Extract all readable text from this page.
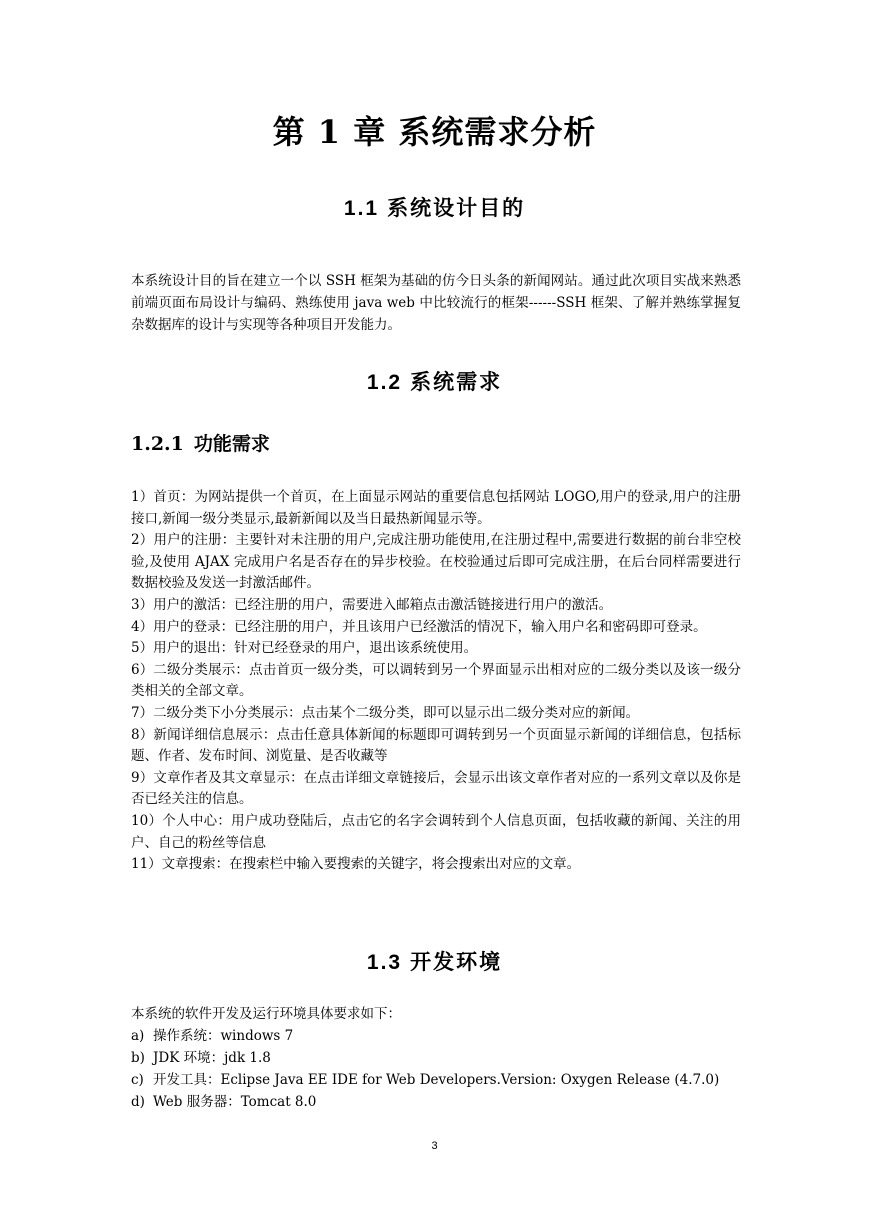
第 1 章 系统需求分析
1.1 系统设计目的
本系统设计目的旨在建立一个以 SSH 框架为基础的仿今日头条的新闻网站。通过此次项目实战来熟悉前端页面布局设计与编码、熟练使用 java web 中比较流行的框架------SSH 框架、了解并熟练掌握复杂数据库的设计与实现等各种项目开发能力。
1.2 系统需求
1.2.1 功能需求
1）首页：为网站提供一个首页，在上面显示网站的重要信息包括网站 LOGO,用户的登录,用户的注册接口,新闻一级分类显示,最新新闻以及当日最热新闻显示等。
2）用户的注册：主要针对未注册的用户,完成注册功能使用,在注册过程中,需要进行数据的前台非空校验,及使用 AJAX 完成用户名是否存在的异步校验。在校验通过后即可完成注册，在后台同样需要进行数据校验及发送一封激活邮件。
3）用户的激活：已经注册的用户，需要进入邮箱点击激活链接进行用户的激活。
4）用户的登录：已经注册的用户，并且该用户已经激活的情况下，输入用户名和密码即可登录。
5）用户的退出：针对已经登录的用户，退出该系统使用。
6）二级分类展示：点击首页一级分类，可以调转到另一个界面显示出相对应的二级分类以及该一级分类相关的全部文章。
7）二级分类下小分类展示：点击某个二级分类，即可以显示出二级分类对应的新闻。
8）新闻详细信息展示：点击任意具体新闻的标题即可调转到另一个页面显示新闻的详细信息，包括标题、作者、发布时间、浏览量、是否收藏等
9）文章作者及其文章显示：在点击详细文章链接后，会显示出该文章作者对应的一系列文章以及你是否已经关注的信息。
10）个人中心：用户成功登陆后，点击它的名字会调转到个人信息页面，包括收藏的新闻、关注的用户、自己的粉丝等信息
11）文章搜索：在搜索栏中输入要搜索的关键字，将会搜索出对应的文章。
1.3 开发环境
本系统的软件开发及运行环境具体要求如下：
a) 操作系统：windows 7
b) JDK 环境：jdk 1.8
c) 开发工具：Eclipse Java EE IDE for Web Developers.Version: Oxygen Release (4.7.0)
d) Web 服务器：Tomcat 8.0
3
